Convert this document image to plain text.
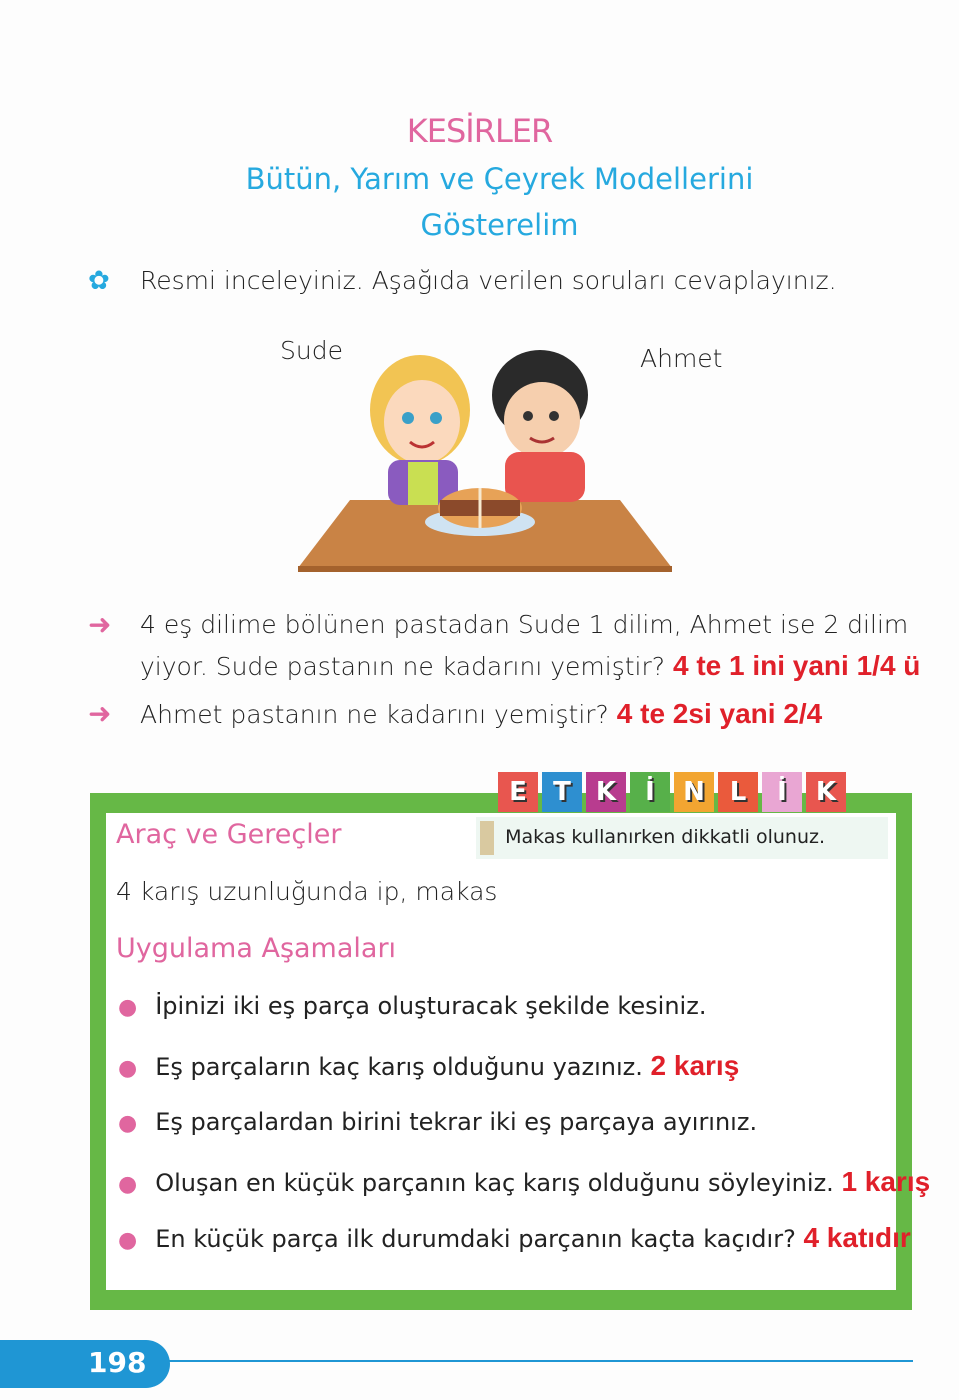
KESİRLER
Bütün, Yarım ve Çeyrek Modellerini
Gösterelim
✿ Resmi inceleyiniz. Aşağıda verilen soruları cevaplayınız.
Sude	Ahmet
➜ 4 eş dilime bölünen pastadan Sude 1 dilim, Ahmet ise 2 dilim
yiyor. Sude pastanın ne kadarını yemiştir? 4 te 1 ini yani 1/4 ü
➜ Ahmet pastanın ne kadarını yemiştir? 4 te 2si yani 2/4
Araç ve Gereçler	Makas kullanırken dikkatli olunuz.
4 karış uzunluğunda ip, makas
Uygulama Aşamaları
E T K İ N L İ K
● İpinizi iki eş parça oluşturacak şekilde kesiniz.
● Eş parçaların kaç karış olduğunu yazınız. 2 karış
● Eş parçalardan birini tekrar iki eş parçaya ayırınız.
● Oluşan en küçük parçanın kaç karış olduğunu söyleyiniz. 1 karış
● En küçük parça ilk durumdaki parçanın kaçta kaçıdır? 4 katıdır
198
